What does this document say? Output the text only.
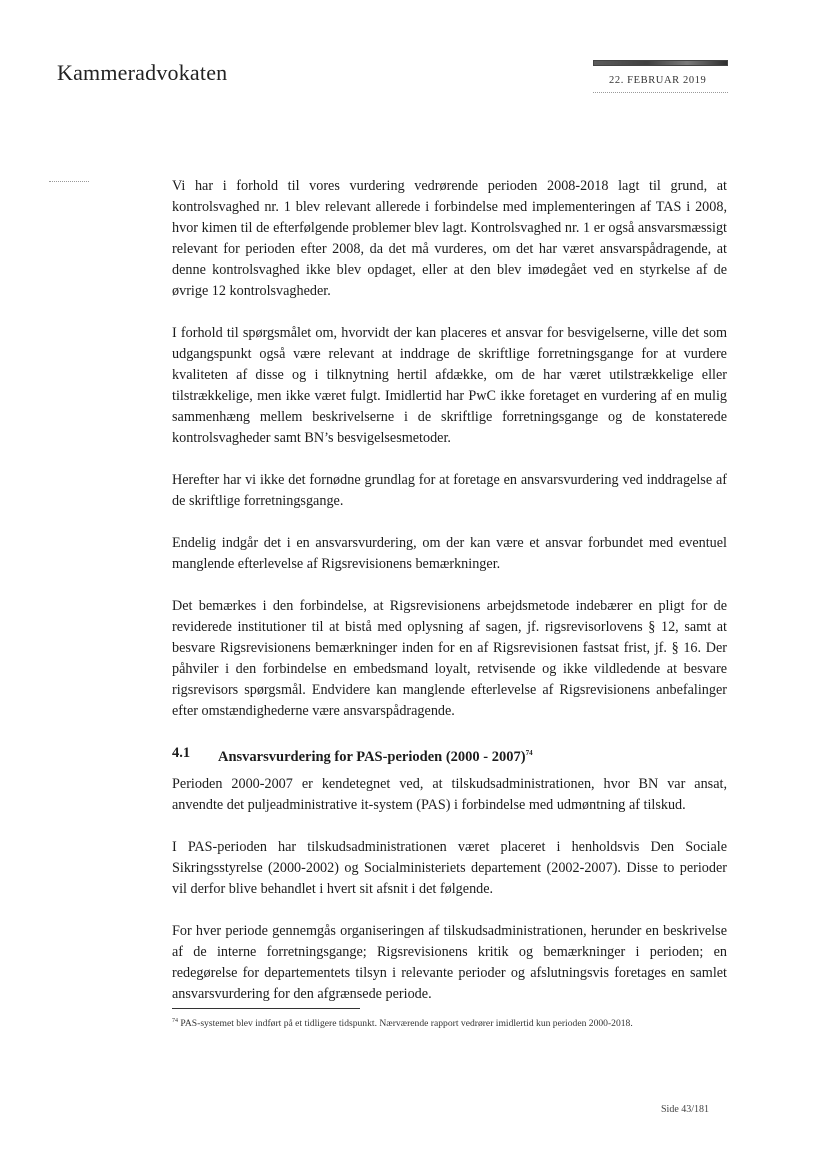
Kammeradvokaten	22. FEBRUAR 2019

Vi har i forhold til vores vurdering vedrørende perioden 2008-2018 lagt til grund, at kontrolsvaghed nr. 1 blev relevant allerede i forbindelse med implementeringen af TAS i 2008, hvor kimen til de efterfølgende problemer blev lagt. Kontrolsvaghed nr. 1 er også ansvarsmæssigt relevant for perioden efter 2008, da det må vurderes, om det har været ansvarspådragende, at denne kontrolsvaghed ikke blev opdaget, eller at den blev imødegået ved en styrkelse af de øvrige 12 kontrolsvagheder.

I forhold til spørgsmålet om, hvorvidt der kan placeres et ansvar for besvigelserne, ville det som udgangspunkt også være relevant at inddrage de skriftlige forretningsgange for at vurdere kvaliteten af disse og i tilknytning hertil afdække, om de har været utilstrækkelige eller tilstrækkelige, men ikke været fulgt. Imidlertid har PwC ikke foretaget en vurdering af en mulig sammenhæng mellem beskrivelserne i de skriftlige forretningsgange og de konstaterede kontrolsvagheder samt BN’s besvigelsesmetoder.

Herefter har vi ikke det fornødne grundlag for at foretage en ansvarsvurdering ved inddragelse af de skriftlige forretningsgange.

Endelig indgår det i en ansvarsvurdering, om der kan være et ansvar forbundet med eventuel manglende efterlevelse af Rigsrevisionens bemærkninger.

Det bemærkes i den forbindelse, at Rigsrevisionens arbejdsmetode indebærer en pligt for de reviderede institutioner til at bistå med oplysning af sagen, jf. rigsrevisorlovens § 12, samt at besvare Rigsrevisionens bemærkninger inden for en af Rigsrevisionen fastsat frist, jf. § 16. Der påhviler i den forbindelse en embedsmand loyalt, retvisende og ikke vildledende at besvare rigsrevisors spørgsmål. Endvidere kan manglende efterlevelse af Rigsrevisionens anbefalinger efter omstændighederne være ansvarspådragende.

4.1	Ansvarsvurdering for PAS-perioden (2000 - 2007)$^{74}$

Perioden 2000-2007 er kendetegnet ved, at tilskudsadministrationen, hvor BN var ansat, anvendte det puljeadministrative it-system (PAS) i forbindelse med udmøntning af tilskud.

I PAS-perioden har tilskudsadministrationen været placeret i henholdsvis Den Sociale Sikringsstyrelse (2000-2002) og Socialministeriets departement (2002-2007). Disse to perioder vil derfor blive behandlet i hvert sit afsnit i det følgende.

For hver periode gennemgås organiseringen af tilskudsadministrationen, herunder en beskrivelse af de interne forretningsgange; Rigsrevisionens kritik og bemærkninger i perioden; en redegørelse for departementets tilsyn i relevante perioder og afslutningsvis foretages en samlet ansvarsvurdering for den afgrænsede periode.

$^{74}$ PAS-systemet blev indført på et tidligere tidspunkt. Nærværende rapport vedrører imidlertid kun perioden 2000-2018.
Side 43/181
